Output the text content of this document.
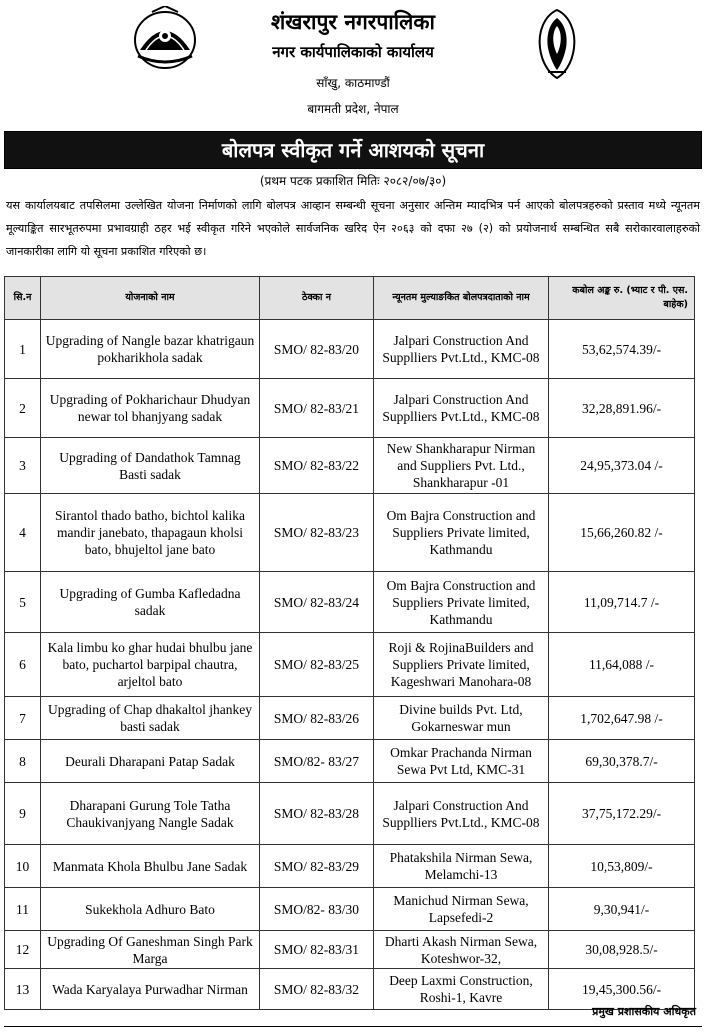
शंखरापुर नगरपालिका
नगर कार्यपालिकाको कार्यालय
साँखु, काठमाण्डौं
बागमती प्रदेश, नेपाल
बोलपत्र स्वीकृत गर्ने आशयको सूचना
(प्रथम पटक प्रकाशित मितिः २०८२/०७/३०)
यस कार्यालयबाट तपसिलमा उल्लेखित योजना निर्माणको लागि बोलपत्र आव्हान सम्बन्धी सूचना अनुसार अन्तिम म्यादभित्र पर्न आएको बोलपत्रहरुको प्रस्ताव मध्ये न्यूनतम मूल्याङ्कित सारभूतरुपमा प्रभावग्राही ठहर भई स्वीकृत गरिने भएकोले सार्वजनिक खरिद ऐन २०६३ को दफा २७ (२) को प्रयोजनार्थ सम्बन्धित सबै सरोकारवालाहरुको जानकारीका लागि यो सूचना प्रकाशित गरिएको छ।
सि.न	योजनाको नाम	ठेक्का न	न्यूनतम मुल्याङकित बोलपत्रदाताको नाम	कबोल अङ्क रु. (भ्याट र पी. एस. बाहेक)
1	Upgrading of Nangle bazar khatrigaun pokharikhola sadak	SMO/ 82-83/20	Jalpari Construction And Supplliers Pvt.Ltd., KMC-08	53,62,574.39/-
2	Upgrading of Pokharichaur Dhudyan newar tol bhanjyang sadak	SMO/ 82-83/21	Jalpari Construction And Supplliers Pvt.Ltd., KMC-08	32,28,891.96/-
3	Upgrading of Dandathok Tamnag Basti sadak	SMO/ 82-83/22	New Shankharapur Nirman and Suppliers Pvt. Ltd., Shankharapur -01	24,95,373.04 /-
4	Sirantol thado batho, bichtol kalika mandir janebato, thapagaun kholsi bato, bhujeltol jane bato	SMO/ 82-83/23	Om Bajra Construction and Suppliers Private limited, Kathmandu	15,66,260.82 /-
5	Upgrading of Gumba Kafledadna sadak	SMO/ 82-83/24	Om Bajra Construction and Suppliers Private limited, Kathmandu	11,09,714.7 /-
6	Kala limbu ko ghar hudai bhulbu jane bato, puchartol barpipal chautra, arjeltol bato	SMO/ 82-83/25	Roji & RojinaBuilders and Suppliers Private limited, Kageshwari Manohara-08	11,64,088 /-
7	Upgrading of Chap dhakaltol jhankey basti sadak	SMO/ 82-83/26	Divine builds Pvt. Ltd, Gokarneswar mun	1,702,647.98 /-
8	Deurali Dharapani Patap Sadak	SMO/82- 83/27	Omkar Prachanda Nirman Sewa Pvt Ltd, KMC-31	69,30,378.7/-
9	Dharapani Gurung Tole Tatha Chaukivanjyang Nangle Sadak	SMO/ 82-83/28	Jalpari Construction And Supplliers Pvt.Ltd., KMC-08	37,75,172.29/-
10	Manmata Khola Bhulbu Jane Sadak	SMO/ 82-83/29	Phatakshila Nirman Sewa, Melamchi-13	10,53,809/-
11	Sukekhola Adhuro Bato	SMO/82- 83/30	Manichud Nirman Sewa, Lapsefedi-2	9,30,941/-
12	Upgrading Of Ganeshman Singh Park Marga	SMO/ 82-83/31	Dharti Akash Nirman Sewa, Koteshwor-32,	30,08,928.5/-
13	Wada Karyalaya Purwadhar Nirman	SMO/ 82-83/32	Deep Laxmi Construction, Roshi-1, Kavre	19,45,300.56/-
प्रमुख प्रशासकीय अधिकृत
